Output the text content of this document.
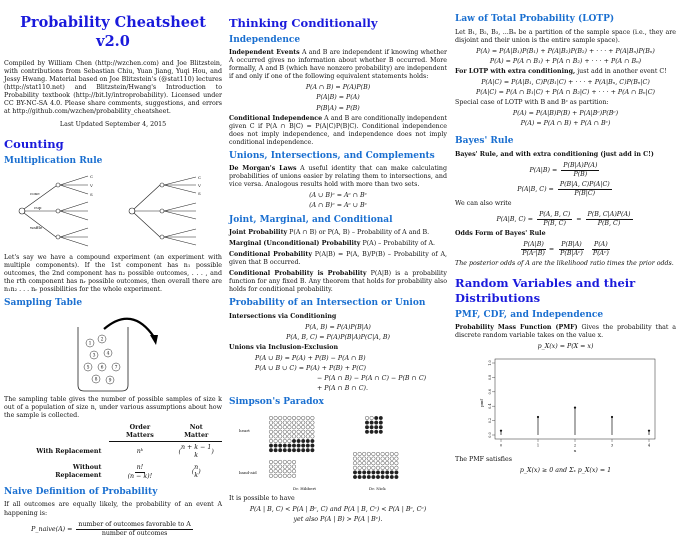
Probability Cheatsheet v2.0

Compiled by William Chen (http://wzchen.com) and Joe Blitzstein, with contributions from Sebastian Chiu, Yuan Jiang, Yuqi Hou, and Jessy Hwang. Material based on Joe Blitzstein's (@stat110) lectures (http://stat110.net) and Blitzstein/Hwang's Introduction to Probability textbook (http://bit.ly/introprobability). Licensed under CC BY-NC-SA 4.0. Please share comments, suggestions, and errors at http://github.com/wzchen/probability_cheatsheet.

Last Updated September 4, 2015

Counting
Multiplication Rule
cone
cup
waffle
C
V
S
C
V
S

Let's say we have a compound experiment (an experiment with multiple components). If the 1st component has n₁ possible outcomes, the 2nd component has n₂ possible outcomes, . . . , and the rth component has nᵣ possible outcomes, then overall there are n₁n₂ . . . nᵣ possibilities for the whole experiment.

Sampling Table
1
2
3 4
5 6 7
8 9

The sampling table gives the number of possible samples of size k out of a population of size n, under various assumptions about how the sample is collected.

	Order Matters	Not Matter
With Replacement	nᵏ	(
n + k − 1
k )
Without Replacement	$\frac{n!}{(n - k)!}$	(
n
k )
Naive Definition of Probability

If all outcomes are equally likely, the probability of an event A happening is:

P_naive(A) = $\frac{\text{number of outcomes favorable to A}}{\text{number of outcomes}}$
Thinking Conditionally
Independence

Independent Events A and B are independent if knowing whether A occurred gives no information about whether B occurred. More formally, A and B (which have nonzero probability) are independent if and only if one of the following equivalent statements holds:

P(A ∩ B) = P(A)P(B)
P(A|B) = P(A)
P(B|A) = P(B)

Conditional Independence A and B are conditionally independent given C if P(A ∩ B|C) = P(A|C)P(B|C). Conditional independence does not imply independence, and independence does not imply conditional independence.

Unions, Intersections, and Complements

De Morgan's Laws A useful identity that can make calculating probabilities of unions easier by relating them to intersections, and vice versa. Analogous results hold with more than two sets.

(A ∪ B)ᶜ = Aᶜ ∩ Bᶜ
(A ∩ B)ᶜ = Aᶜ ∪ Bᶜ
Joint, Marginal, and Conditional

Joint Probability P(A ∩ B) or P(A, B) – Probability of A and B.

Marginal (Unconditional) Probability P(A) – Probability of A.

Conditional Probability P(A|B) = P(A, B)/P(B) – Probability of A, given that B occurred.

Conditional Probability is Probability P(A|B) is a probability function for any fixed B. Any theorem that holds for probability also holds for conditional probability.

Probability of an Intersection or Union

Intersections via Conditioning

P(A, B) = P(A)P(B|A)
P(A, B, C) = P(A)P(B|A)P(C|A, B)

Unions via Inclusion-Exclusion

P(A ∪ B) = P(A) + P(B) − P(A ∩ B)
P(A ∪ B ∪ C) = P(A) + P(B) + P(C)
− P(A ∩ B) − P(A ∩ C) − P(B ∩ C)
+ P(A ∩ B ∩ C).
Simpson's Paradox
heart
band-aid
Dr. Hibbert	Dr. Nick

It is possible to have

P(A | B, C) < P(A | Bᶜ, C) and P(A | B, Cᶜ) < P(A | Bᶜ, Cᶜ)
yet also P(A | B) > P(A | Bᶜ).
Law of Total Probability (LOTP)

Let B₁, B₂, B₃, ...Bₙ be a partition of the sample space (i.e., they are disjoint and their union is the entire sample space).

P(A) = P(A|B₁)P(B₁) + P(A|B₂)P(B₂) + · · · + P(A|Bₙ)P(Bₙ)
P(A) = P(A ∩ B₁) + P(A ∩ B₂) + · · · + P(A ∩ Bₙ)

For LOTP with extra conditioning, just add in another event C!

P(A|C) = P(A|B₁, C)P(B₁|C) + · · · + P(A|Bₙ, C)P(Bₙ|C)
P(A|C) = P(A ∩ B₁|C) + P(A ∩ B₂|C) + · · · + P(A ∩ Bₙ|C)

Special case of LOTP with B and Bᶜ as partition:

P(A) = P(A|B)P(B) + P(A|Bᶜ)P(Bᶜ)
P(A) = P(A ∩ B) + P(A ∩ Bᶜ)
Bayes' Rule

Bayes' Rule, and with extra conditioning (just add in C!)

$P(A|B) = \frac{P(B|A)P(A)}{P(B)}$
P(A|B, $C) = \frac{P(B|A, C)P(A|C)}{P(B|C)}$

We can also write

P(A|B, $C) = \frac{P(A, B, C)}{P(B, C)} = \frac{P(B, C|A)P(A)}{P(B, C)}$

Odds Form of Bayes' Rule

$\frac{P(A|B)}{\text{P(Aᶜ|B)}} = \frac{P(B|A)}{\text{P(B|Aᶜ)}}$
$\frac{P(A)}{\text{P(Aᶜ)}}$

The posterior odds of A are the likelihood ratio times the prior odds.

Random Variables and their Distributions
PMF, CDF, and Independence

Probability Mass Function (PMF) Gives the probability that a discrete random variable takes on the value x.

p_X(x) = P(X = x)
pmf
x
0.0
0.2
0.4
0.6
0.8
1.0
0	1	2	3	4

The PMF satisfies

p_X(x) ≥ 0 and Σₓ p_X(x) = 1
